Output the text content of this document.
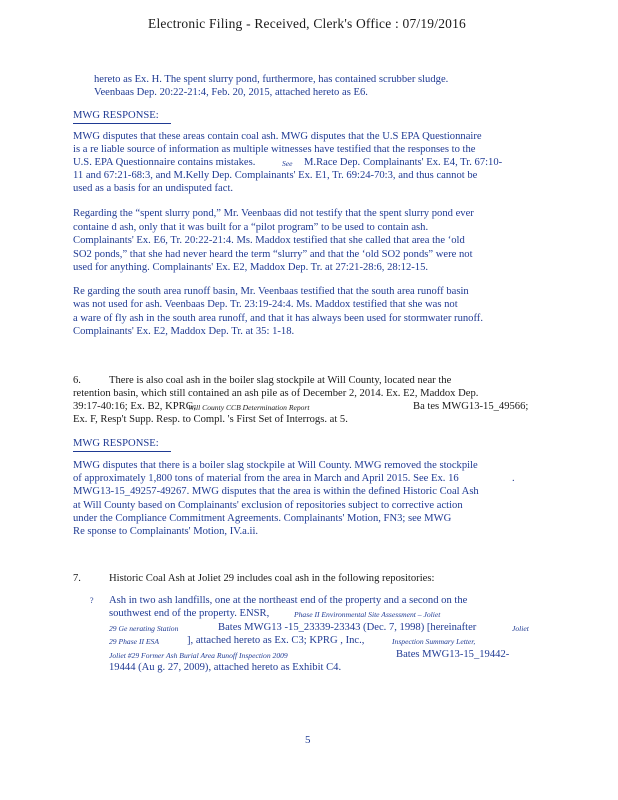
Electronic Filing - Received, Clerk's Office : 07/19/2016
hereto as Ex. H. The spent slurry pond, furthermore, has contained scrubber sludge.
Veenbaas Dep. 20:22-21:4, Feb. 20, 2015, attached hereto as E6.
MWG RESPONSE:
MWG disputes that these areas contain coal ash. MWG disputes that the U.S EPA Questionnaire
is a re liable source of information as multiple witnesses have testified that the responses to the
U.S. EPA Questionnaire contains mistakes.	See M.Race Dep. Complainants' Ex. E4, Tr. 67:10-
11 and 67:21-68:3, and M.Kelly Dep. Complainants' Ex. E1, Tr. 69:24-70:3, and thus cannot be
used as a basis for an undisputed fact.
Regarding the “spent slurry pond,” Mr. Veenbaas did not testify that the spent slurry pond ever
containe d ash, only that it was built for a “pilot program” to be used to contain ash.
Complainants' Ex. E6, Tr. 20:22-21:4. Ms. Maddox testified that she called that area the ‘old
SO2 ponds,” that she had never heard the term “slurry” and that the ‘old SO2 ponds” were not
used for anything. Complainants' Ex. E2, Maddox Dep. Tr. at 27:21-28:6, 28:12-15.
Re garding the south area runoff basin, Mr. Veenbaas testified that the south area runoff basin
was not used for ash. Veenbaas Dep. Tr. 23:19-24:4. Ms. Maddox testified that she was not
a ware of fly ash in the south area runoff, and that it has always been used for stormwater runoff.
Complainants' Ex. E2, Maddox Dep. Tr. at 35: 1-18.
6.	There is also coal ash in the boiler slag stockpile at Will County, located near the
retention basin, which still contained an ash pile as of December 2, 2014. Ex. E2, Maddox Dep.
39:17-40:16; Ex. B2, KPRG,
Will County CCB Determination Report	Ba tes MWG13-15_49566;
Ex. F, Resp't Supp. Resp. to Compl. 's First Set of Interrogs. at 5.
MWG RESPONSE:
MWG disputes that there is a boiler slag stockpile at Will County. MWG removed the stockpile
of approximately 1,800 tons of material from the area in March and April 2015. See Ex. 16	.
MWG13-15_49257-49267. MWG disputes that the area is within the defined Historic Coal Ash
at Will County based on Complainants' exclusion of repositories subject to corrective action
under the Compliance Commitment Agreements. Complainants' Motion, FN3; see MWG
Re sponse to Complainants' Motion, IV.a.ii.
7.	Historic Coal Ash at Joliet 29 includes coal ash in the following repositories:
? Ash in two ash landfills, one at the northeast end of the property and a second on the
southwest end of the property. ENSR,	Phase II Environmental Site Assessment – Joliet
29 Ge nerating Station	Bates MWG13 -15_23339-23343 (Dec. 7, 1998) [hereinafter	Joliet
29 Phase II ESA	], attached hereto as Ex. C3; KPRG , Inc.,	Inspection Summary Letter,
Joliet #29 Former Ash Burial Area Runoff Inspection 2009	Bates MWG13-15_19442-
19444 (Au g. 27, 2009), attached hereto as Exhibit C4.
5
